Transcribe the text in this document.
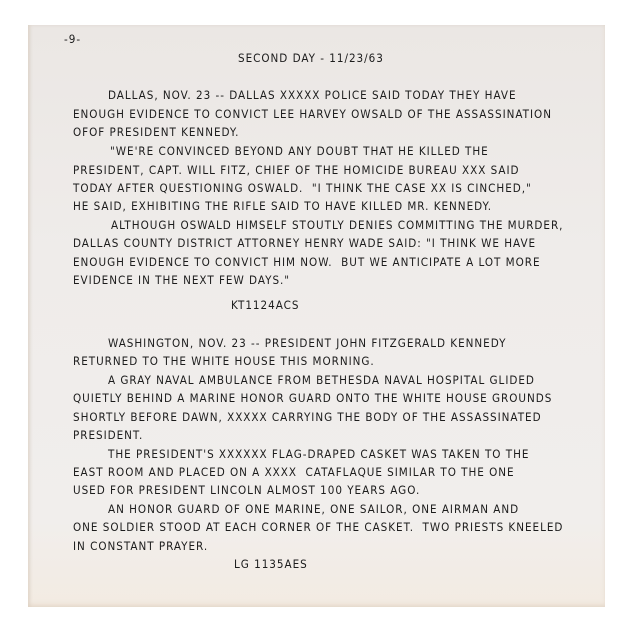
-9-
SECOND DAY - 11/23/63
DALLAS, NOV. 23 -- DALLAS XXXXX POLICE SAID TODAY THEY HAVE
ENOUGH EVIDENCE TO CONVICT LEE HARVEY OWSALD OF THE ASSASSINATION
OFOF PRESIDENT KENNEDY.
"WE'RE CONVINCED BEYOND ANY DOUBT THAT HE KILLED THE
PRESIDENT, CAPT. WILL FITZ, CHIEF OF THE HOMICIDE BUREAU XXX SAID
TODAY AFTER QUESTIONING OSWALD.  "I THINK THE CASE XX IS CINCHED,"
HE SAID, EXHIBITING THE RIFLE SAID TO HAVE KILLED MR. KENNEDY.
ALTHOUGH OSWALD HIMSELF STOUTLY DENIES COMMITTING THE MURDER,
DALLAS COUNTY DISTRICT ATTORNEY HENRY WADE SAID: "I THINK WE HAVE
ENOUGH EVIDENCE TO CONVICT HIM NOW.  BUT WE ANTICIPATE A LOT MORE
EVIDENCE IN THE NEXT FEW DAYS."
KT1124ACS
WASHINGTON, NOV. 23 -- PRESIDENT JOHN FITZGERALD KENNEDY
RETURNED TO THE WHITE HOUSE THIS MORNING.
A GRAY NAVAL AMBULANCE FROM BETHESDA NAVAL HOSPITAL GLIDED
QUIETLY BEHIND A MARINE HONOR GUARD ONTO THE WHITE HOUSE GROUNDS
SHORTLY BEFORE DAWN, XXXXX CARRYING THE BODY OF THE ASSASSINATED
PRESIDENT.
THE PRESIDENT'S XXXXXX FLAG-DRAPED CASKET WAS TAKEN TO THE
EAST ROOM AND PLACED ON A XXXX  CATAFLAQUE SIMILAR TO THE ONE
USED FOR PRESIDENT LINCOLN ALMOST 100 YEARS AGO.
AN HONOR GUARD OF ONE MARINE, ONE SAILOR, ONE AIRMAN AND
ONE SOLDIER STOOD AT EACH CORNER OF THE CASKET.  TWO PRIESTS KNEELED
IN CONSTANT PRAYER.
LG 1135AES
